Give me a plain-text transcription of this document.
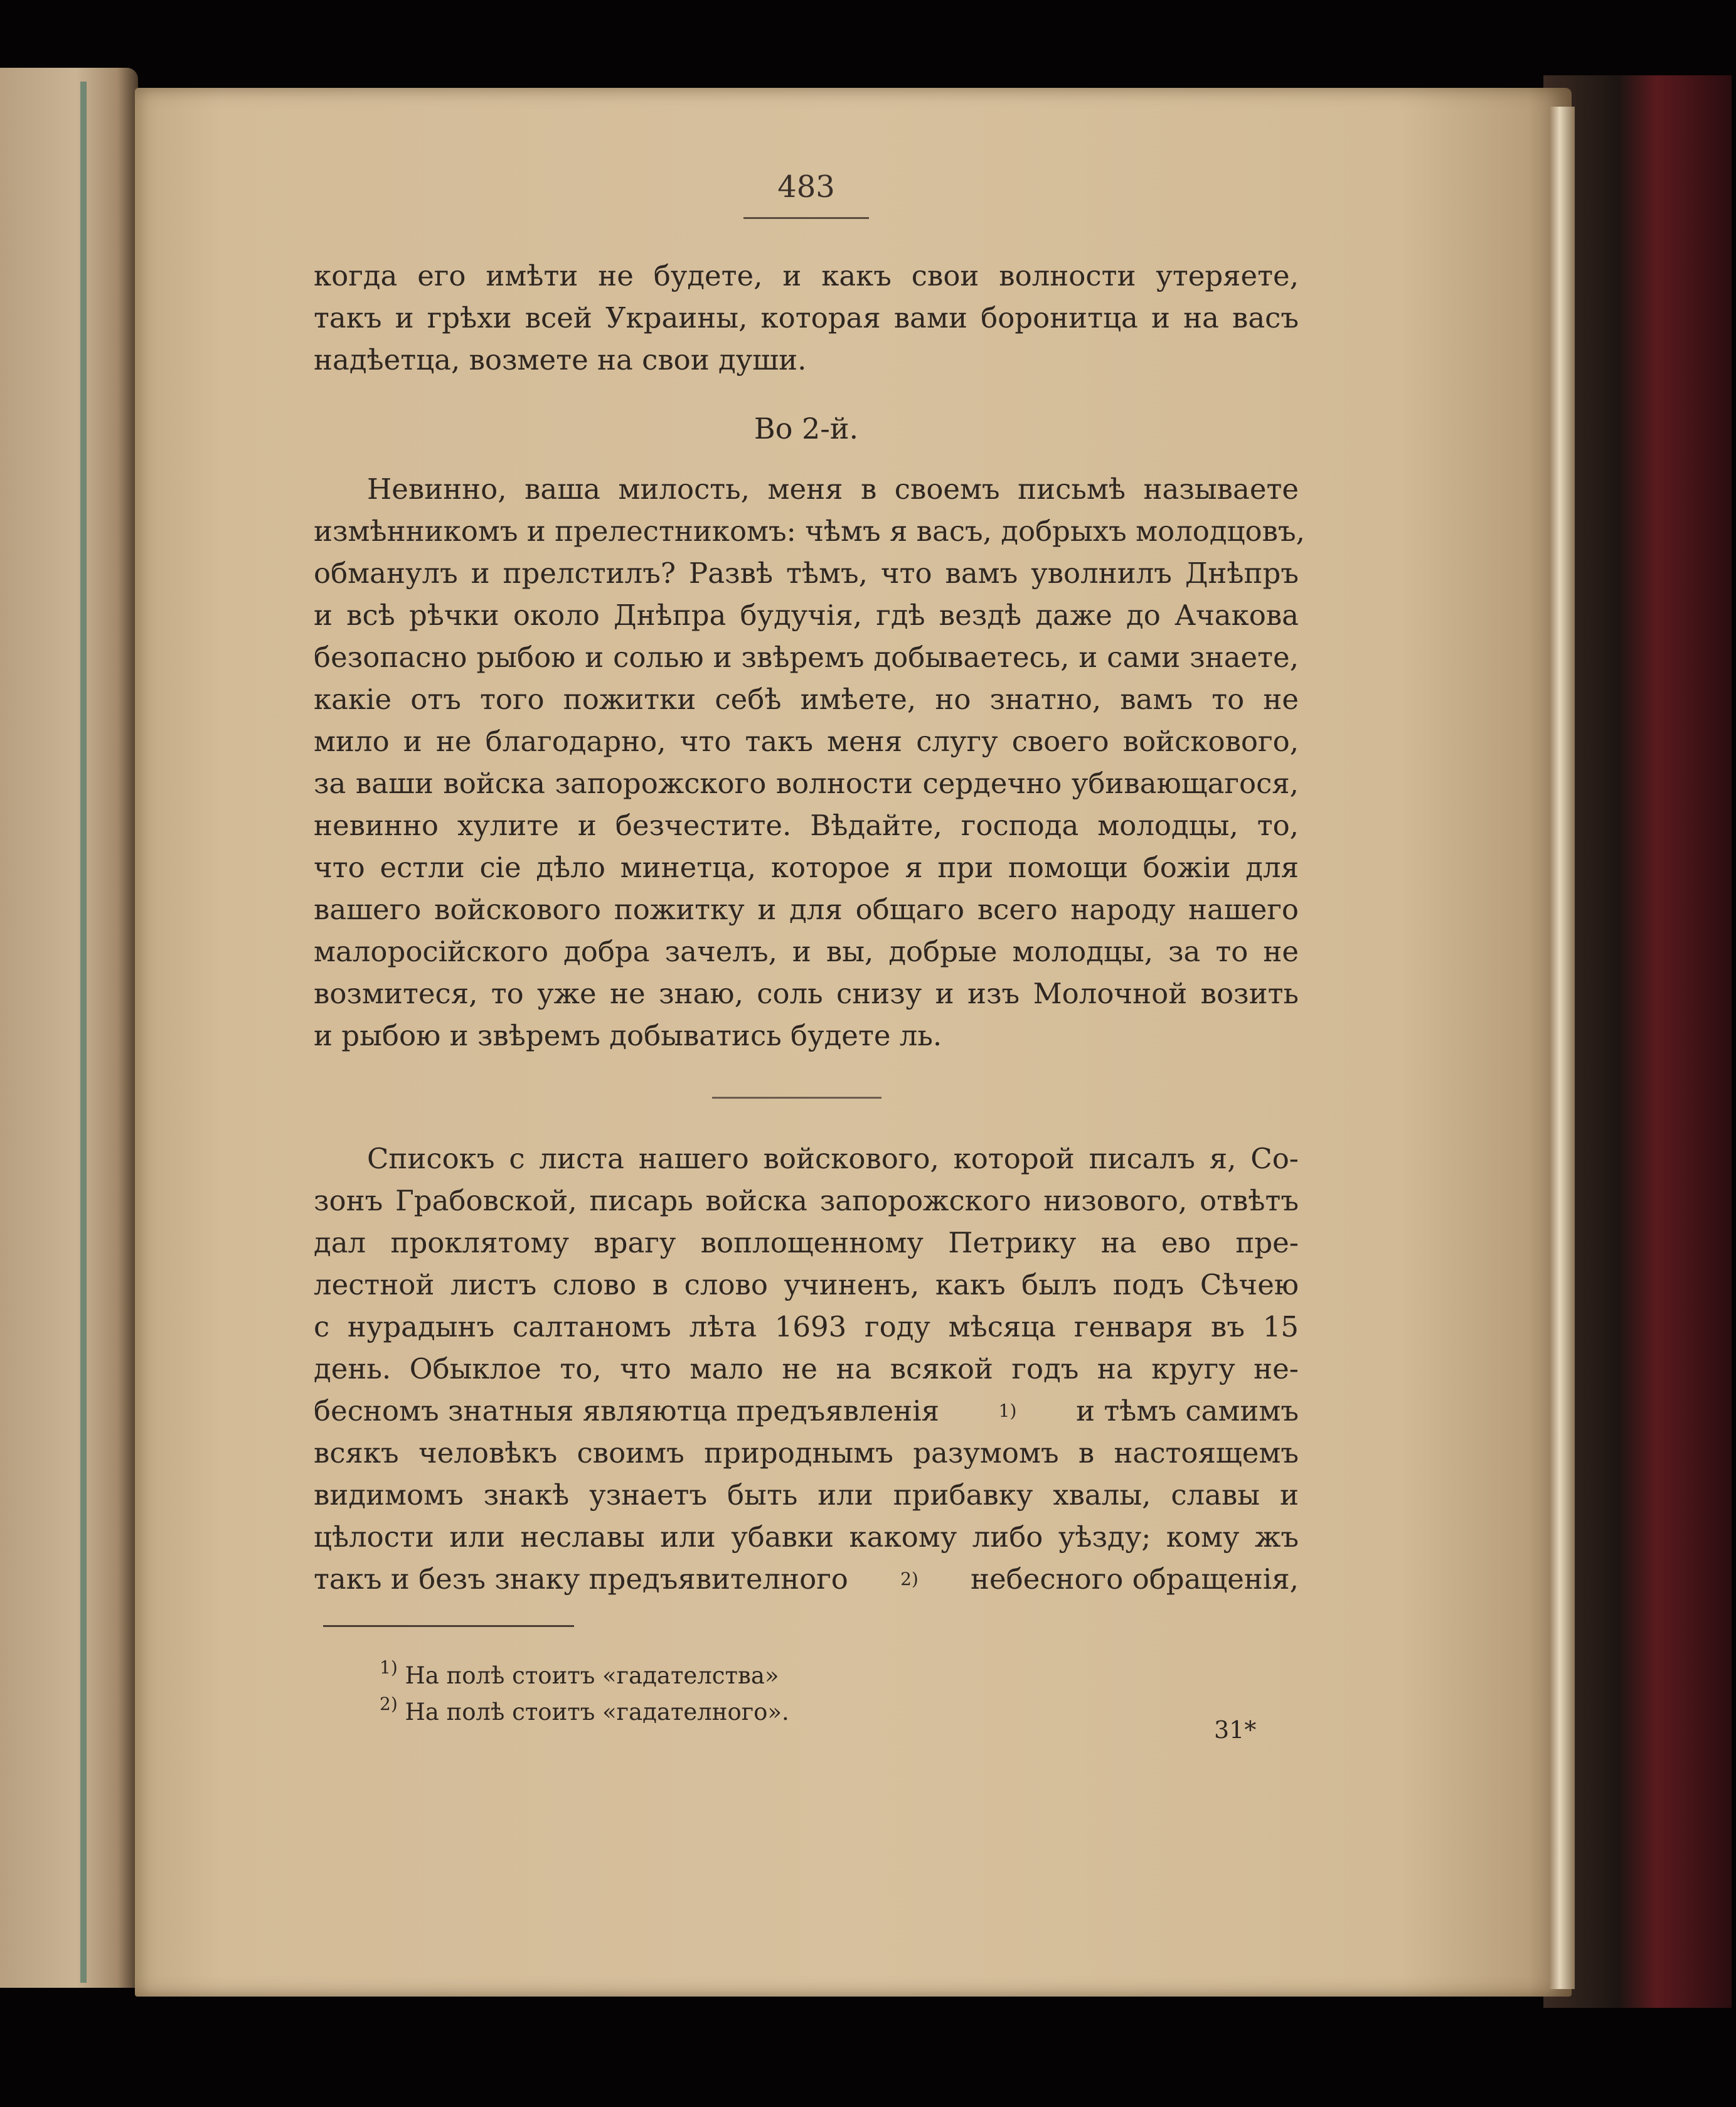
483
когда его имѣти не будете, и какъ свои волности утеряете,
такъ и грѣхи всей Украины, которая вами боронитца и на васъ
надѣетца, возмете на свои души.
Во 2-й.
Невинно, ваша милость, меня в своемъ письмѣ называете
измѣнникомъ и прелестникомъ: чѣмъ я васъ, добрыхъ молодцовъ,
обманулъ и прелстилъ? Развѣ тѣмъ, что вамъ уволнилъ Днѣпръ
и всѣ рѣчки около Днѣпра будучія, гдѣ вездѣ даже до Ачакова
безопасно рыбою и солью и звѣремъ добываетесь, и сами знаете,
какіе отъ того пожитки себѣ имѣете, но знатно, вамъ то не
мило и не благодарно, что такъ меня слугу своего войскового,
за ваши войска запорожского волности сердечно убивающагося,
невинно хулите и безчестите. Вѣдайте, господа молодцы, то,
что естли сіе дѣло минетца, которое я при помощи божіи для
вашего войскового пожитку и для общаго всего народу нашего
малоросійского добра зачелъ, и вы, добрые молодцы, за то не
возмитеся, то уже не знаю, соль снизу и изъ Молочной возить
и рыбою и звѣремъ добыватись будете ль.
Списокъ с листа нашего войскового, которой писалъ я, Со-
зонъ Грабовской, писарь войска запорожского низового, отвѣтъ
дал проклятому врагу воплощенному Петрику на ево пре-
лестной листъ слово в слово учиненъ, какъ былъ подъ Сѣчею
с нурадынъ салтаномъ лѣта 1693 году мѣсяца генваря въ 15
день. Обыклое то, что мало не на всякой годъ на кругу не-
бесномъ знатныя являютца предъявленія	$^{1)}$ и тѣмъ самимъ
всякъ человѣкъ своимъ природнымъ разумомъ в настоящемъ
видимомъ знакѣ узнаетъ быть или прибавку хвалы, славы и
цѣлости или неславы или убавки какому либо уѣзду; кому жъ
такъ и безъ знаку предъявителного	$^{2)}$ небесного обращенія,
$^{1)}$ На полѣ стоитъ «гадателства»
$^{2)}$ На полѣ стоитъ «гадателного».
31*
